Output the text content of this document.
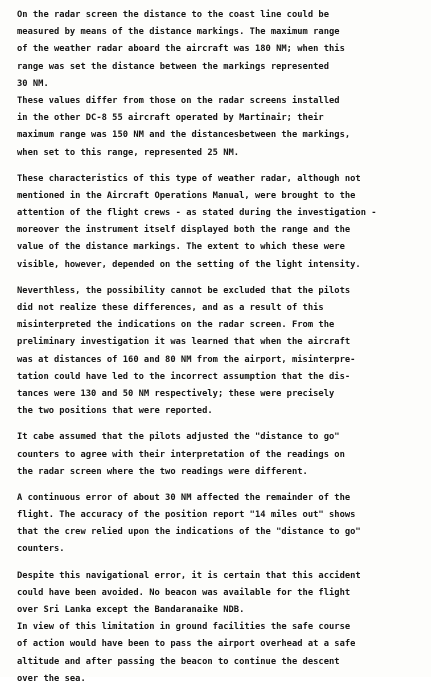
On the radar screen the distance to the coast line could be
measured by means of the distance markings. The maximum range
of the weather radar aboard the aircraft was 180 NM; when this
range was set the distance between the markings represented
30 NM.
These values differ from those on the radar screens installed
in the other DC-8 55 aircraft operated by Martinair; their
maximum range was 150 NM and the distancesbetween the markings,
when set to this range, represented 25 NM.
These characteristics of this type of weather radar, although not
mentioned in the Aircraft Operations Manual, were brought to the
attention of the flight crews - as stated during the investigation -
moreover the instrument itself displayed both the range and the
value of the distance markings. The extent to which these were
visible, however, depended on the setting of the light intensity.
Neverthless, the possibility cannot be excluded that the pilots
did not realize these differences, and as a result of this
misinterpreted the indications on the radar screen. From the
preliminary investigation it was learned that when the aircraft
was at distances of 160 and 80 NM from the airport, misinterpre-
tation could have led to the incorrect assumption that the dis-
tances were 130 and 50 NM respectively; these were precisely
the two positions that were reported.
It cabe assumed that the pilots adjusted the "distance to go"
counters to agree with their interpretation of the readings on
the radar screen where the two readings were different.
A continuous error of about 30 NM affected the remainder of the
flight. The accuracy of the position report "14 miles out" shows
that the crew relied upon the indications of the "distance to go"
counters.
Despite this navigational error, it is certain that this accident
could have been avoided. No beacon was available for the flight
over Sri Lanka except the Bandaranaike NDB.
In view of this limitation in ground facilities the safe course
of action would have been to pass the airport overhead at a safe
altitude and after passing the beacon to continue the descent
over the sea.
